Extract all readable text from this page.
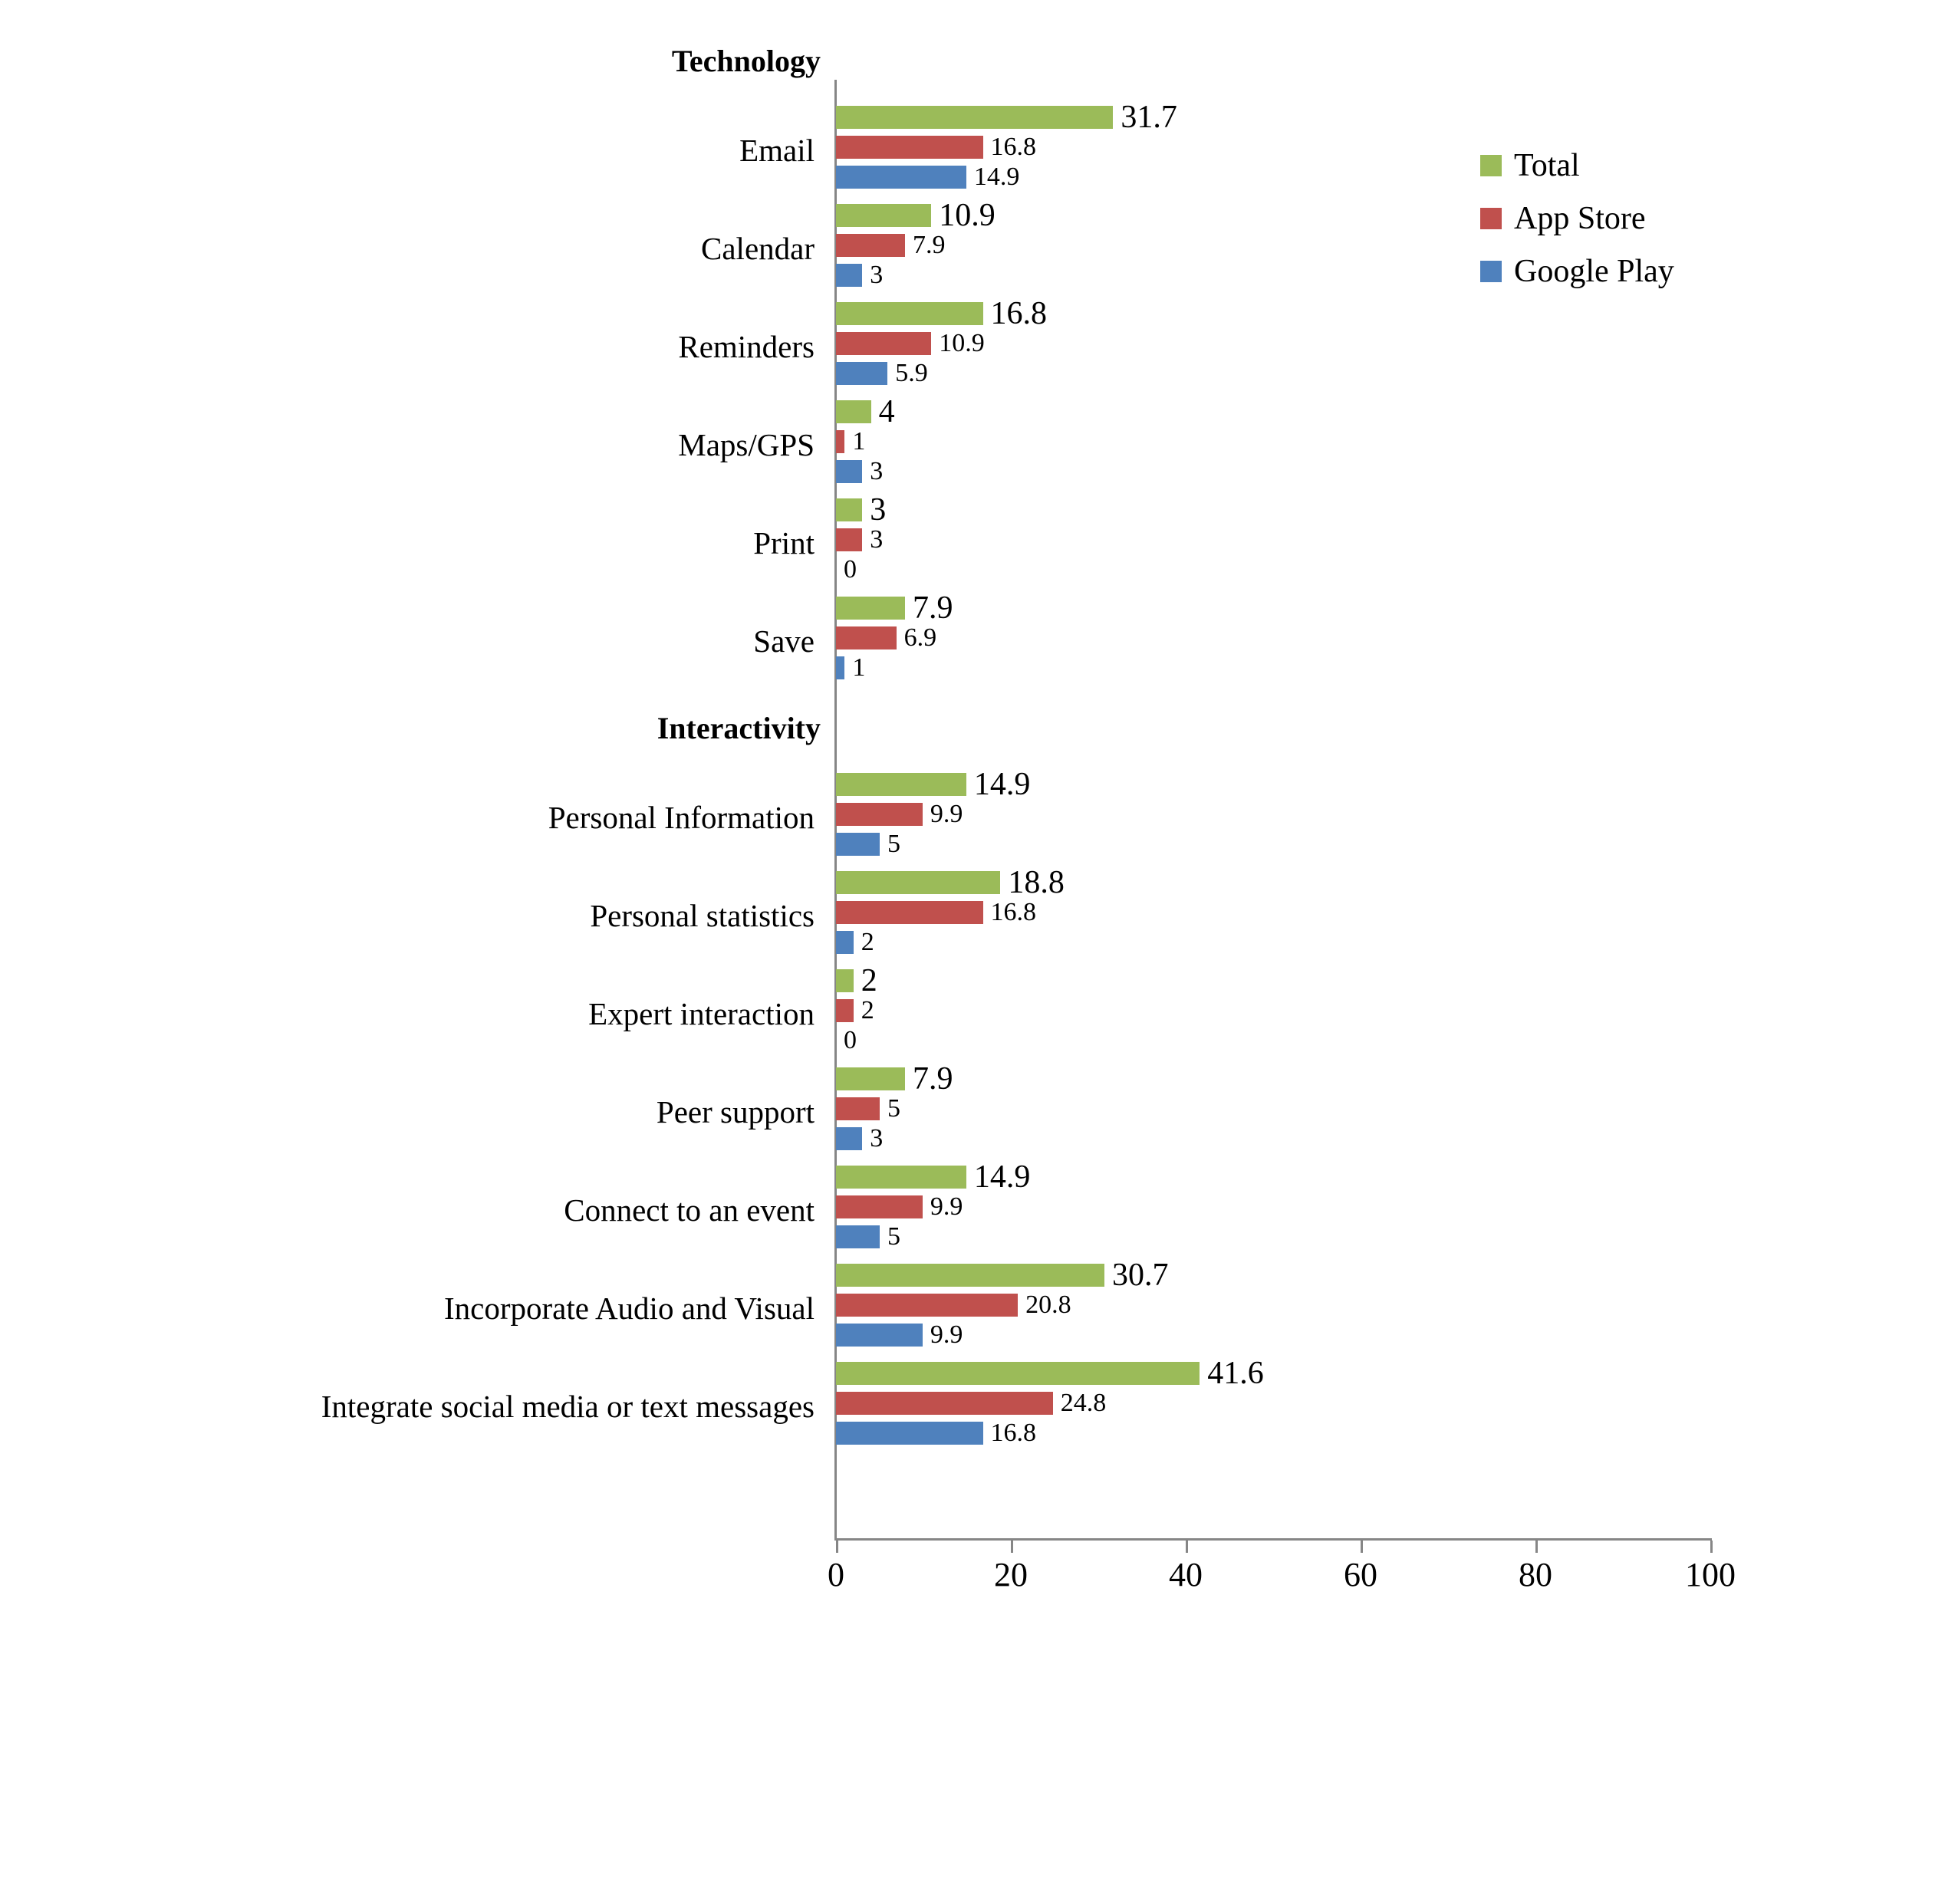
Technology
Email
31.7
16.8
14.9
Calendar
10.9
7.9
3
Reminders
16.8
10.9
5.9
Maps/GPS
4
1
3
Print
3
3
0
Save
7.9
6.9
1
Interactivity
Personal Information
14.9
9.9
5
Personal statistics
18.8
16.8
2
Expert interaction
2
2
0
Peer support
7.9
5
3
Connect to an event
14.9
9.9
5
Incorporate Audio and Visual
30.7
20.8
9.9
Integrate social media or text messages
41.6
24.8
16.8
0	20	40	60	80	100
Total
App Store
Google Play
